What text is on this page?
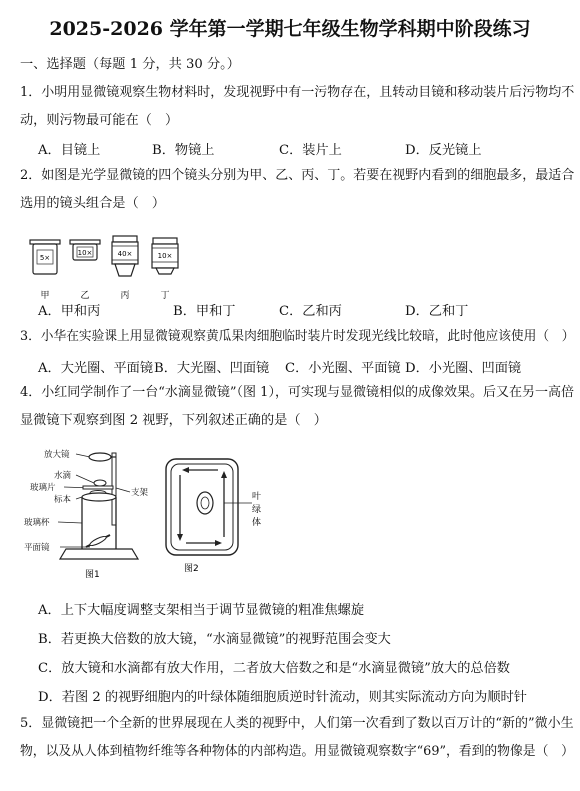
2025-2026 学年第一学期七年级生物学科期中阶段练习
一、选择题（每题 1 分，共 30 分。）
1．小明用显微镜观察生物材料时，发现视野中有一污物存在，且转动目镜和移动装片后污物均不
动，则污物最可能在（　）
A．目镜上	B．物镜上	C．装片上	D．反光镜上
2．如图是光学显微镜的四个镜头分别为甲、乙、丙、丁。若要在视野内看到的细胞最多，最适合
选用的镜头组合是（　）
5×
甲
10×
乙
40×
丙
10×
丁
A．甲和丙	B．甲和丁	C．乙和丙	D．乙和丁
3．小华在实验课上用显微镜观察黄瓜果肉细胞临时装片时发现光线比较暗，此时他应该使用（　）
A．大光圈、平面镜 B．大光圈、凹面镜 C．小光圈、平面镜 D．小光圈、凹面镜
4．小红同学制作了一台“水滴显微镜”（图 1），可实现与显微镜相似的成像效果。后又在另一高倍
显微镜下观察到图 2 视野，下列叙述正确的是（　）
放大镜
水滴
玻璃片
标本
支架
玻璃杯
平面镜
图1
叶
绿
体
图2
A．上下大幅度调整支架相当于调节显微镜的粗准焦螺旋
B．若更换大倍数的放大镜，“水滴显微镜”的视野范围会变大
C．放大镜和水滴都有放大作用，二者放大倍数之和是“水滴显微镜”放大的总倍数
D．若图 2 的视野细胞内的叶绿体随细胞质逆时针流动，则其实际流动方向为顺时针
5．显微镜把一个全新的世界展现在人类的视野中，人们第一次看到了数以百万计的“新的”微小生
物，以及从人体到植物纤维等各种物体的内部构造。用显微镜观察数字“69”，看到的物像是（　）
